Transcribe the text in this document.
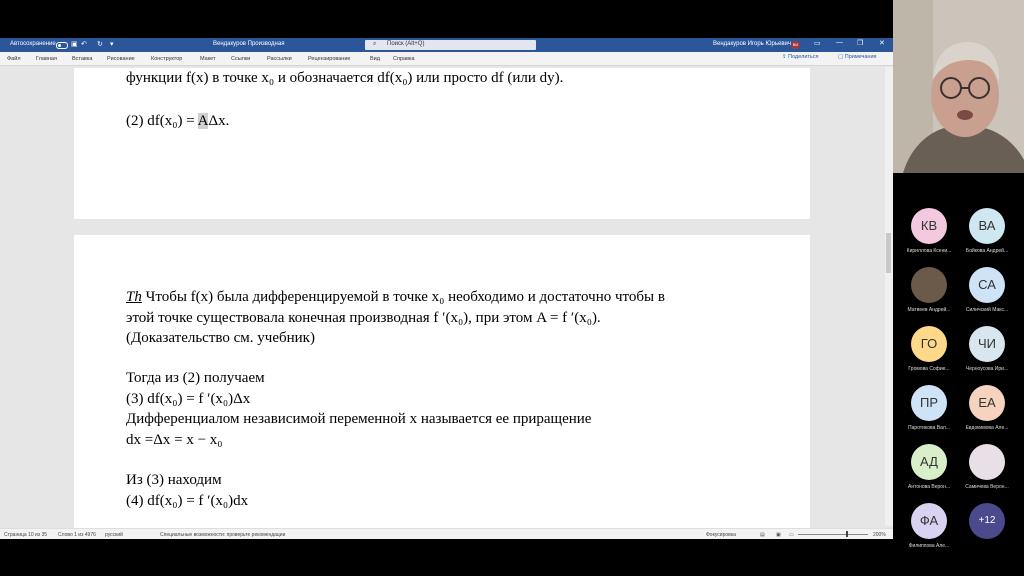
Автосохранение ▣ ↶ ↻ ▾	Вендакуров Производная	⌕ Поиск (Alt+Q)	Вендакуров Игорь Юрьевич ВИ ▭ — ❐ ✕
Файл	Главная	Вставка	Рисование	Конструктор	Макет	Ссылки	Рассылки	Рецензирование	Вид Справка	⇪ Поделиться	▢ Примечания
функции f(x) в точке x₀ и обозначается df(x₀) или просто df (или dy).
(2) df(x₀) = AΔx.
Th Чтобы f(x) была дифференцируемой в точке x₀ необходимо и достаточно чтобы в
этой точке существовала конечная производная f ′(x₀), при этом A = f ′(x₀).
(Доказательство см. учебник)
Тогда из (2) получаем
(3) df(x₀) = f ′(x₀)Δx
Дифференциалом независимой переменной x называется ее приращение
dx =Δx = x − x₀
Из (3) находим
(4) df(x₀) = f ′(x₀)dx
Страница 10 из 35 Слово 1 из 4976 русский	Специальные возможности: проверьте рекомендации	Фокусировка	▤ ▣ ▭	200%
КВ
Кириллова Ксени...
ВА
Бойкова Андрей...
Матвеев Андрей...
СА
Силичский Макс...
ГО
Громова Софие...
ЧИ
Черноусова Ири...
ПР
Паротикова Вал...
ЕА
Евдокимова Але...
АД
Антонова Верон...	Самичева Верон...
ФА
Филиппова Але...
+12
